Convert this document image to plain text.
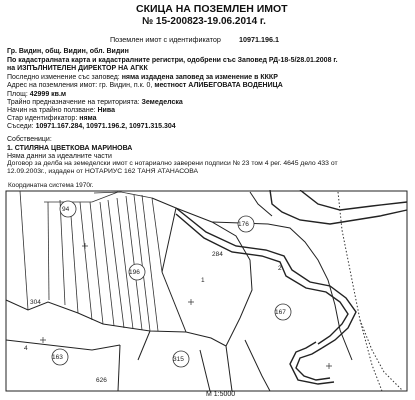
СКИЦА НА ПОЗЕМЛЕН ИМОТ
№ 15-200823-19.06.2014 г.
Поземлен имот с идентификатор	10971.196.1
Гр. Видин, общ. Видин, обл. Видин
По кадастралната карта и кадастралните регистри, одобрени със Заповед РД-18-5/28.01.2008 г.
на ИЗПЪЛНИТЕЛЕН ДИРЕКТОР НА АГКК
Последно изменение със заповед: няма издадена заповед за изменение в КККР
Адрес на поземления имот: гр. Видин, п.к. 0, местност АЛИБЕГОВАТА ВОДЕНИЦА
Площ: 42999 кв.м
Трайно предназначение на територията: Земеделска
Начин на трайно ползване: Нива
Стар идентификатор: няма
Съседи: 10971.167.284, 10971.196.2, 10971.315.304
Собственици:
1. СТИЛЯНА ЦВЕТКОВА МАРИНОВА
Няма данни за идеалните части
Договор за делба на земеделски имот с нотариално заверени подписи № 23 том 4 рег. 4645 дело 433 от
12.09.2003г., издаден от НОТАРИУС 162 ТАНЯ АТАНАСОВА
Координатна система 1970г.
94
176
196
167
163	315
1
2
284
626
304
4
М 1:5000
